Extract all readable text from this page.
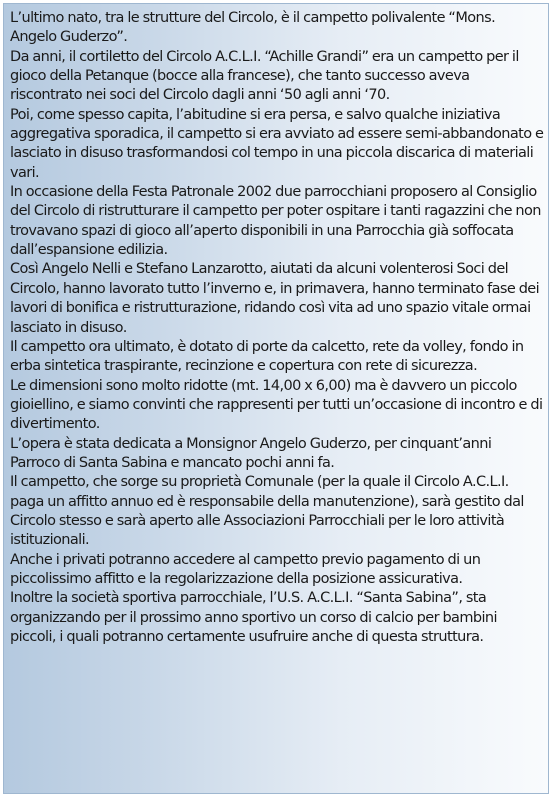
L’ultimo nato, tra le strutture del Circolo, è il campetto polivalente “Mons. Angelo Guderzo”.

Da anni, il cortiletto del Circolo A.C.L.I. “Achille Grandi” era un campetto per il gioco della Petanque (bocce alla francese), che tanto successo aveva riscontrato nei soci del Circolo dagli anni ‘50 agli anni ‘70.

Poi, come spesso capita, l’abitudine si era persa, e salvo qualche iniziativa aggregativa sporadica, il campetto si era avviato ad essere semi-abbandonato e lasciato in disuso trasformandosi col tempo in una piccola discarica di materiali vari.

In occasione della Festa Patronale 2002 due parrocchiani proposero al Consiglio del Circolo di ristrutturare il campetto per poter ospitare i tanti ragazzini che non trovavano spazi di gioco all’aperto disponibili in una Parrocchia già soffocata dall’espansione edilizia.

Così Angelo Nelli e Stefano Lanzarotto, aiutati da alcuni volenterosi Soci del Circolo, hanno lavorato tutto l’inverno e, in primavera, hanno terminato fase dei lavori di bonifica e ristrutturazione, ridando così vita ad uno spazio vitale ormai lasciato in disuso.

Il campetto ora ultimato, è dotato di porte da calcetto, rete da volley, fondo in erba sintetica traspirante, recinzione e copertura con rete di sicurezza.

Le dimensioni sono molto ridotte (mt. 14,00 x 6,00) ma è davvero un piccolo gioiellino, e siamo convinti che rappresenti per tutti un’occasione di incontro e di divertimento.

L’opera è stata dedicata a Monsignor Angelo Guderzo, per cinquant’anni Parroco di Santa Sabina e mancato pochi anni fa.

Il campetto, che sorge su proprietà Comunale (per la quale il Circolo A.C.L.I. paga un affitto annuo ed è responsabile della manutenzione), sarà gestito dal Circolo stesso e sarà aperto alle Associazioni Parrocchiali per le loro attività istituzionali.

Anche i privati potranno accedere al campetto previo pagamento di un piccolissimo affitto e la regolarizzazione della posizione assicurativa.

Inoltre la società sportiva parrocchiale, l’U.S. A.C.L.I. “Santa Sabina”, sta organizzando per il prossimo anno sportivo un corso di calcio per bambini piccoli, i quali potranno certamente usufruire anche di questa struttura.
